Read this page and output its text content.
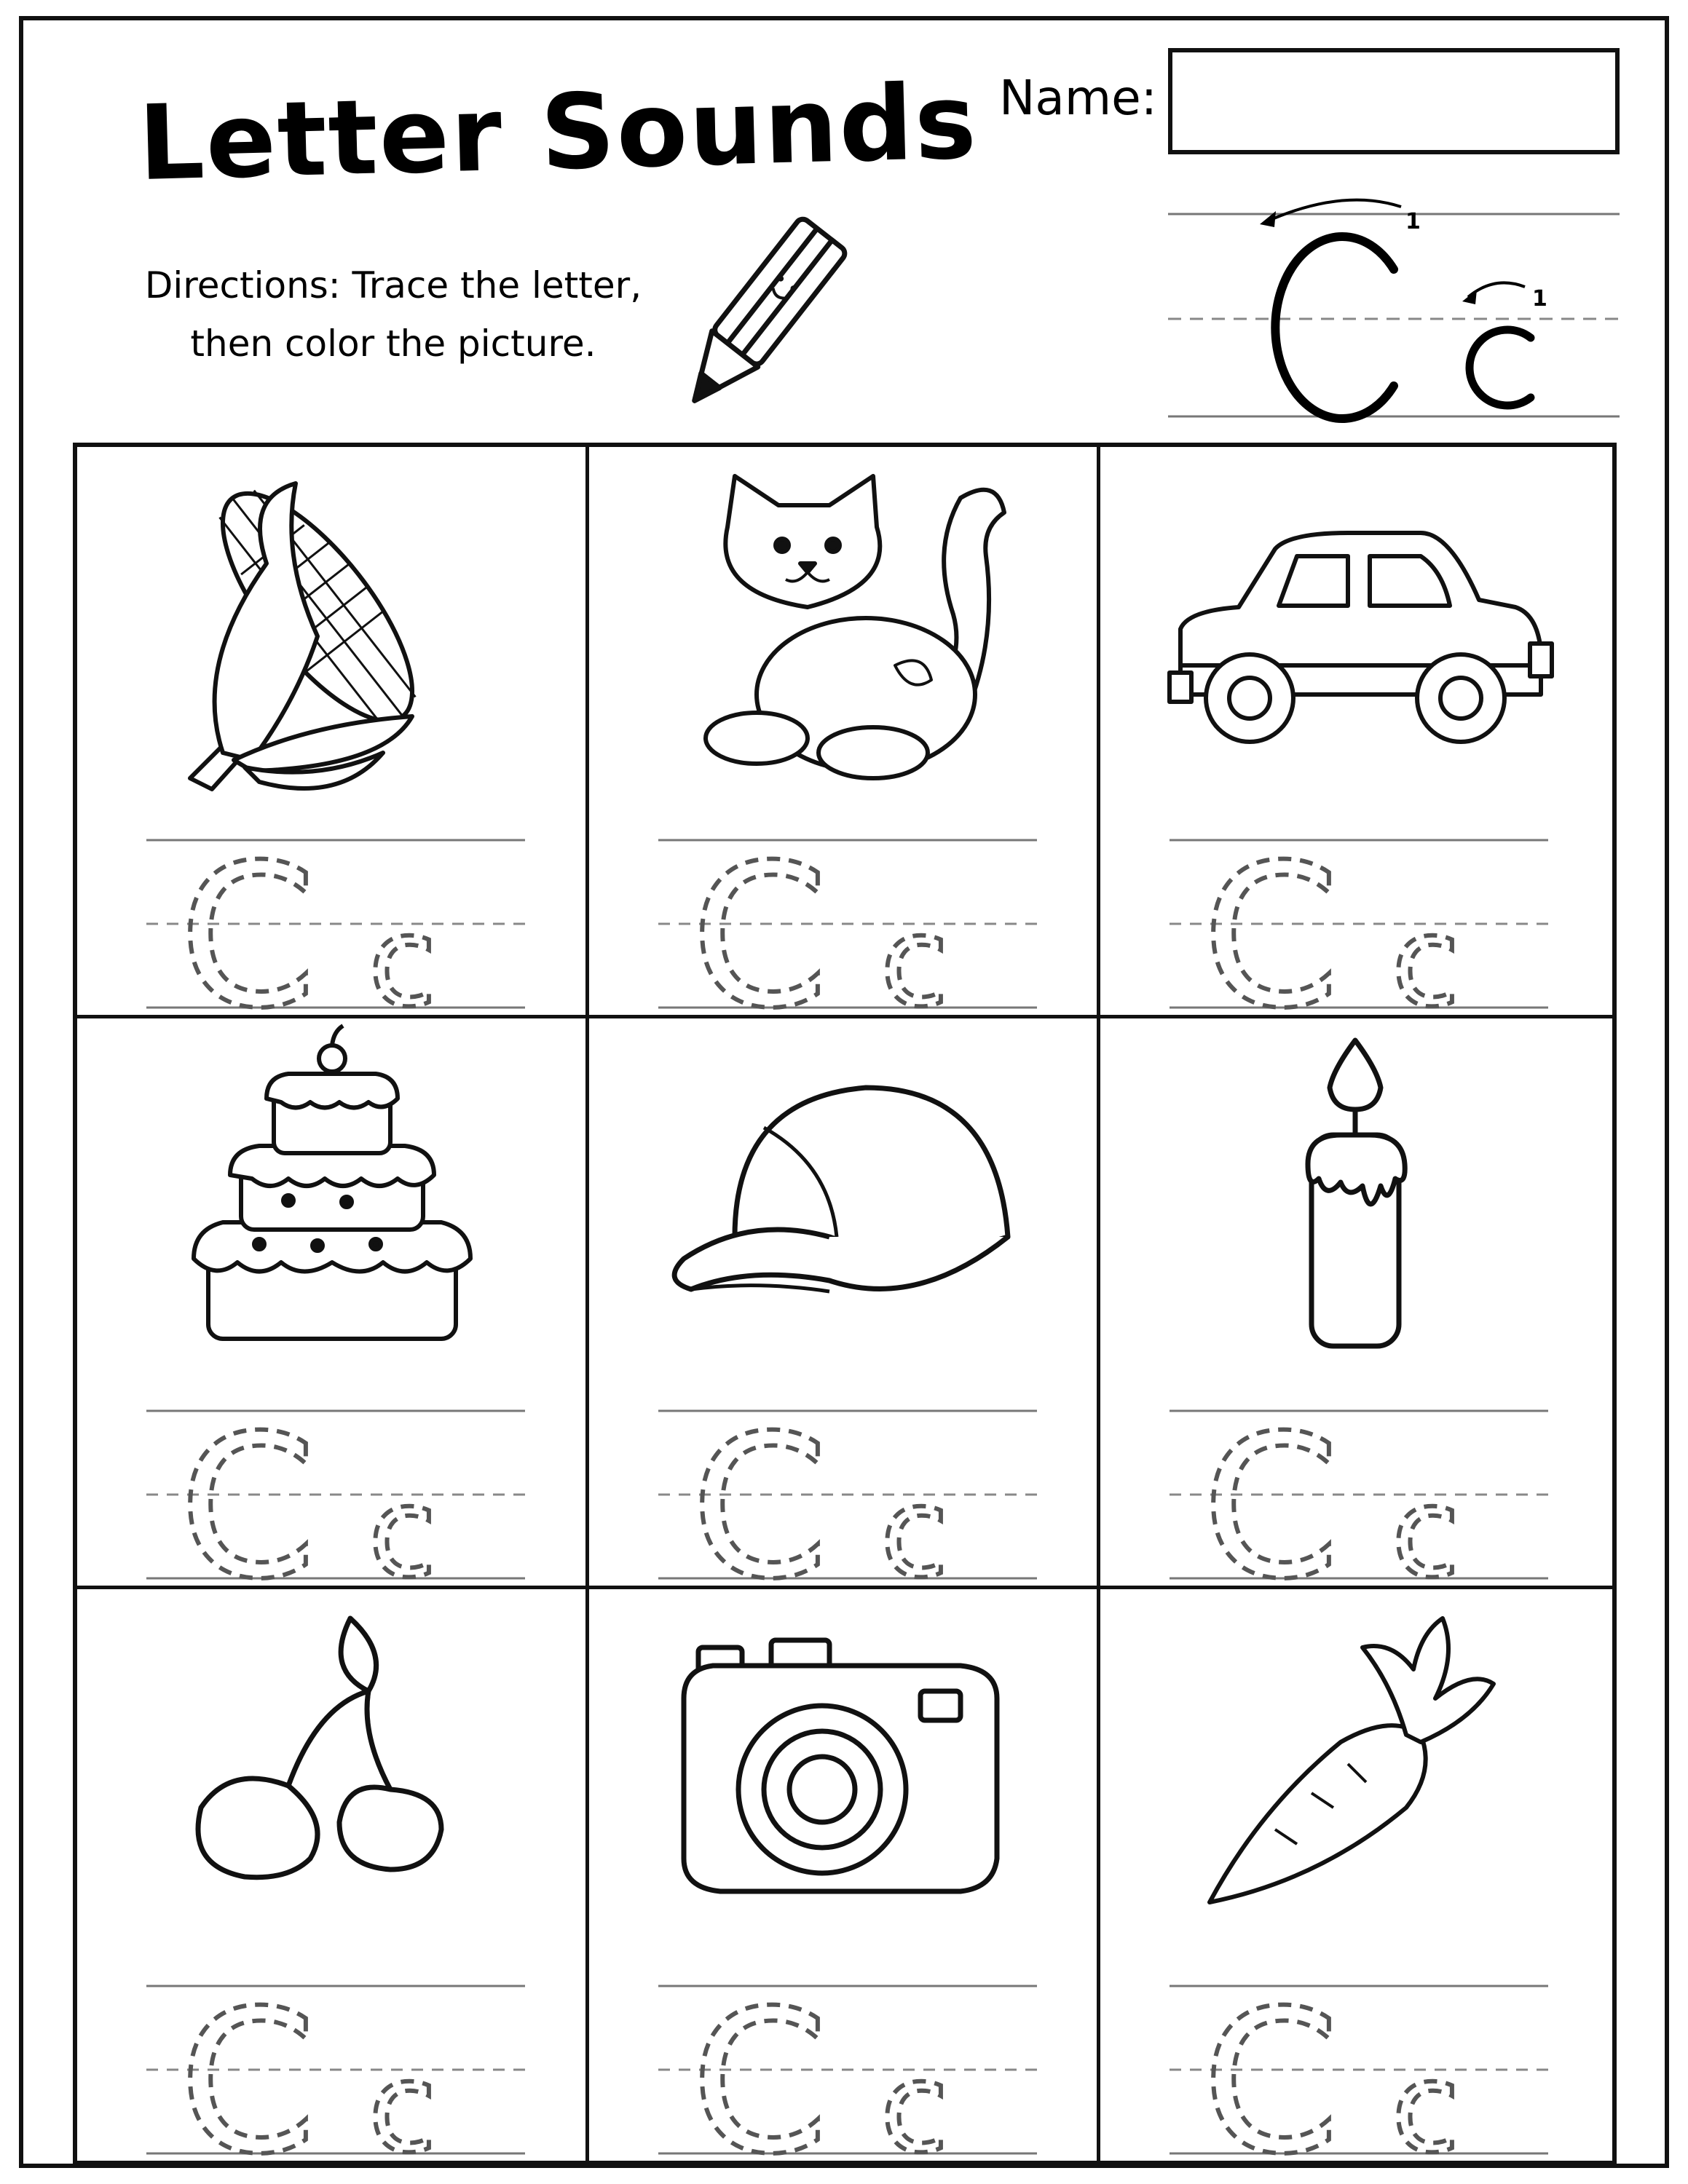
Letter Sounds Name:
Directions: Trace the letter,
then color the picture.
1
1
C c C c C c
C c C c C c
C c C c C c
